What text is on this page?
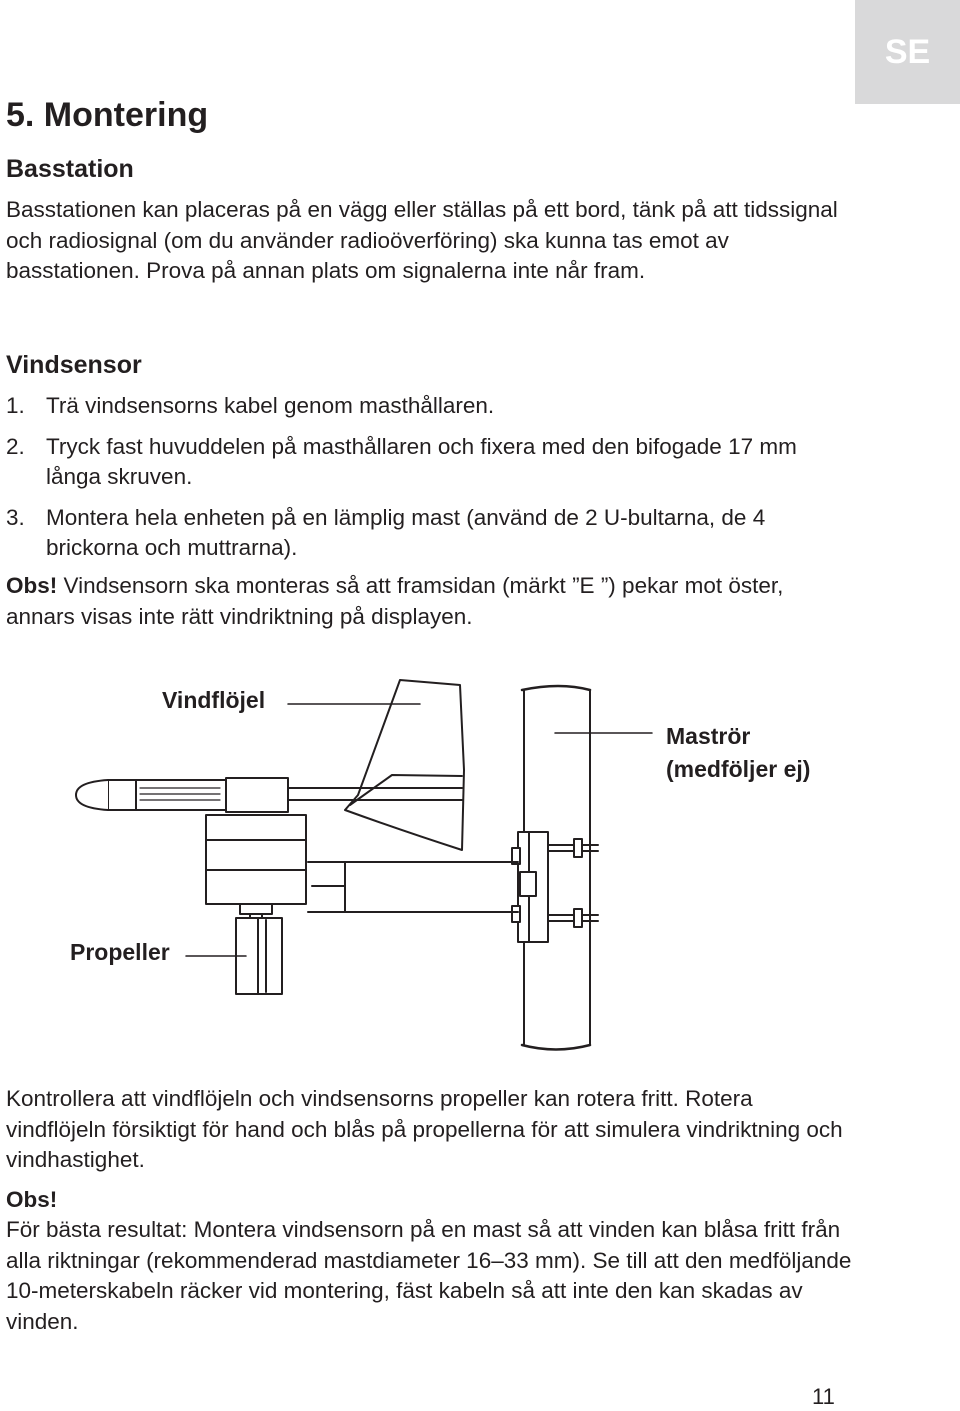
SE
5. Montering
Basstation

Basstationen kan placeras på en vägg eller ställas på ett bord, tänk på att tidssignal och radiosignal (om du använder radioöverföring) ska kunna tas emot av basstationen. Prova på annan plats om signalerna inte når fram.

Vindsensor
1. Trä vindsensorns kabel genom masthållaren.
2. Tryck fast huvuddelen på masthållaren och fixera med den bifogade 17 mm långa skruven.
3. Montera hela enheten på en lämplig mast (använd de 2 U-bultarna, de 4 brickorna och muttrarna).

Obs! Vindsensorn ska monteras så att framsidan (märkt ”E ”) pekar mot öster, annars visas inte rätt vindriktning på displayen.

Vindflöjel

Maströr

(medföljer ej)

Propeller

Kontrollera att vindflöjeln och vindsensorns propeller kan rotera fritt. Rotera vindflöjeln försiktigt för hand och blås på propellerna för att simulera vindriktning och vindhastighet.

Obs!

För bästa resultat: Montera vindsensorn på en mast så att vinden kan blåsa fritt från alla riktningar (rekommenderad mastdiameter 16–33 mm). Se till att den medföljande 10-meterskabeln räcker vid montering, fäst kabeln så att inte den kan skadas av vinden.

11
